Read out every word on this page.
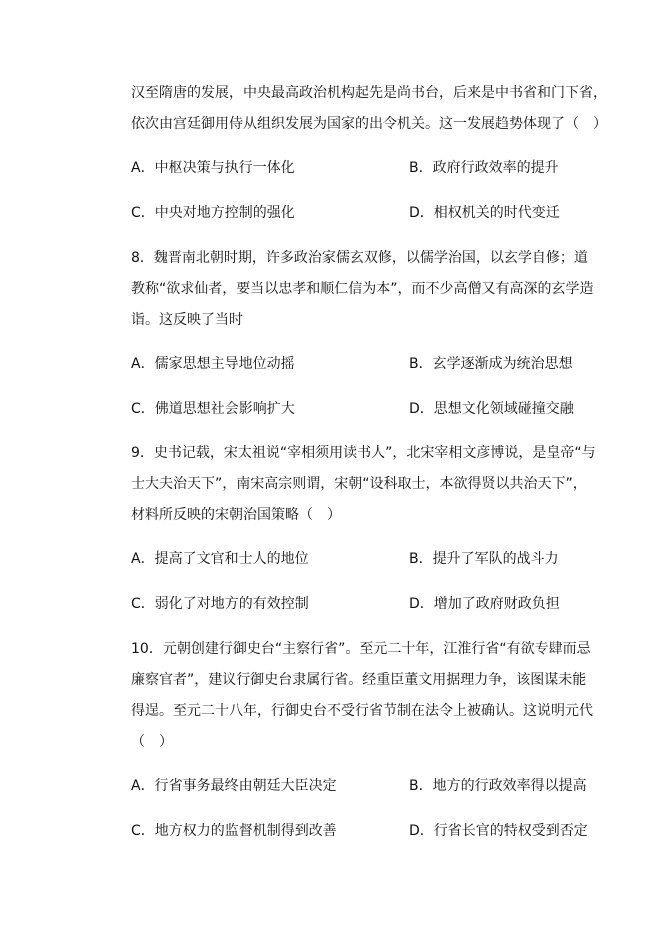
汉至隋唐的发展，中央最高政治机构起先是尚书台，后来是中书省和门下省，
依次由宫廷御用侍从组织发展为国家的出令机关。这一发展趋势体现了（　）
A．中枢决策与执行一体化	B．政府行政效率的提升
C．中央对地方控制的强化	D．相权机关的时代变迁
8．魏晋南北朝时期，许多政治家儒玄双修，以儒学治国，以玄学自修；道
教称“欲求仙者，要当以忠孝和顺仁信为本”，而不少高僧又有高深的玄学造
诣。这反映了当时
A．儒家思想主导地位动摇	B．玄学逐渐成为统治思想
C．佛道思想社会影响扩大	D．思想文化领域碰撞交融
9．史书记载，宋太祖说“宰相须用读书人”，北宋宰相文彦博说，是皇帝“与
士大夫治天下”，南宋高宗则谓，宋朝“设科取士，本欲得贤以共治天下”，
材料所反映的宋朝治国策略（　）
A．提高了文官和士人的地位	B．提升了军队的战斗力
C．弱化了对地方的有效控制	D．增加了政府财政负担
10．元朝创建行御史台“主察行省”。至元二十年，江淮行省“有欲专肆而忌
廉察官者”，建议行御史台隶属行省。经重臣董文用据理力争，该图谋未能
得逞。至元二十八年，行御史台不受行省节制在法令上被确认。这说明元代
（　）
A．行省事务最终由朝廷大臣决定	B．地方的行政效率得以提高
C．地方权力的监督机制得到改善	D．行省长官的特权受到否定
